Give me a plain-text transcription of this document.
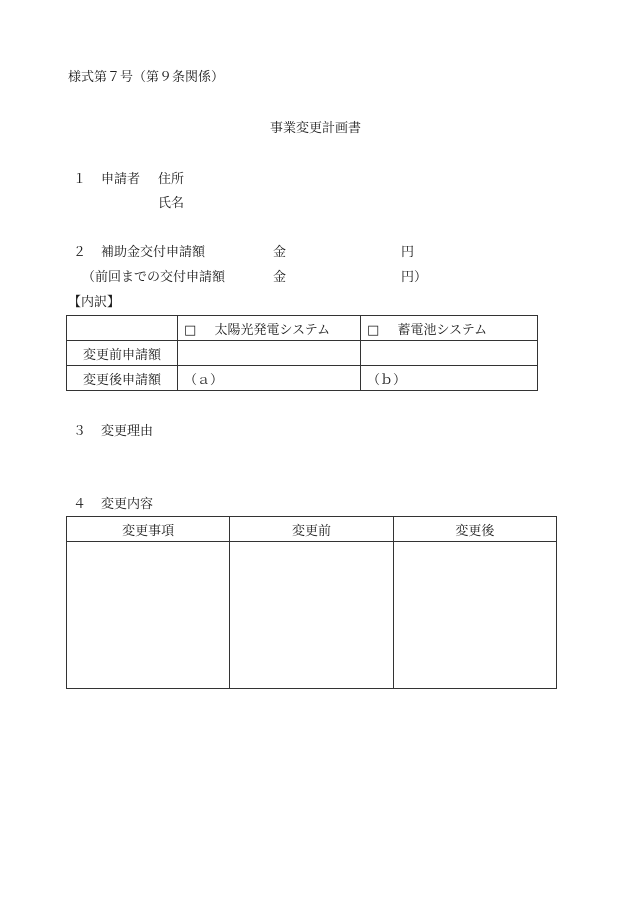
様式第７号（第９条関係）
事業変更計画書
１ 申請者 住所
氏名
２ 補助金交付申請額	金	円
（前回までの交付申請額	金	円）
【内訳】
	□ 太陽光発電システム	□ 蓄電池システム
変更前申請額		
変更後申請額	（ａ）	（ｂ）
３ 変更理由
４ 変更内容
変更事項	変更前	変更後
